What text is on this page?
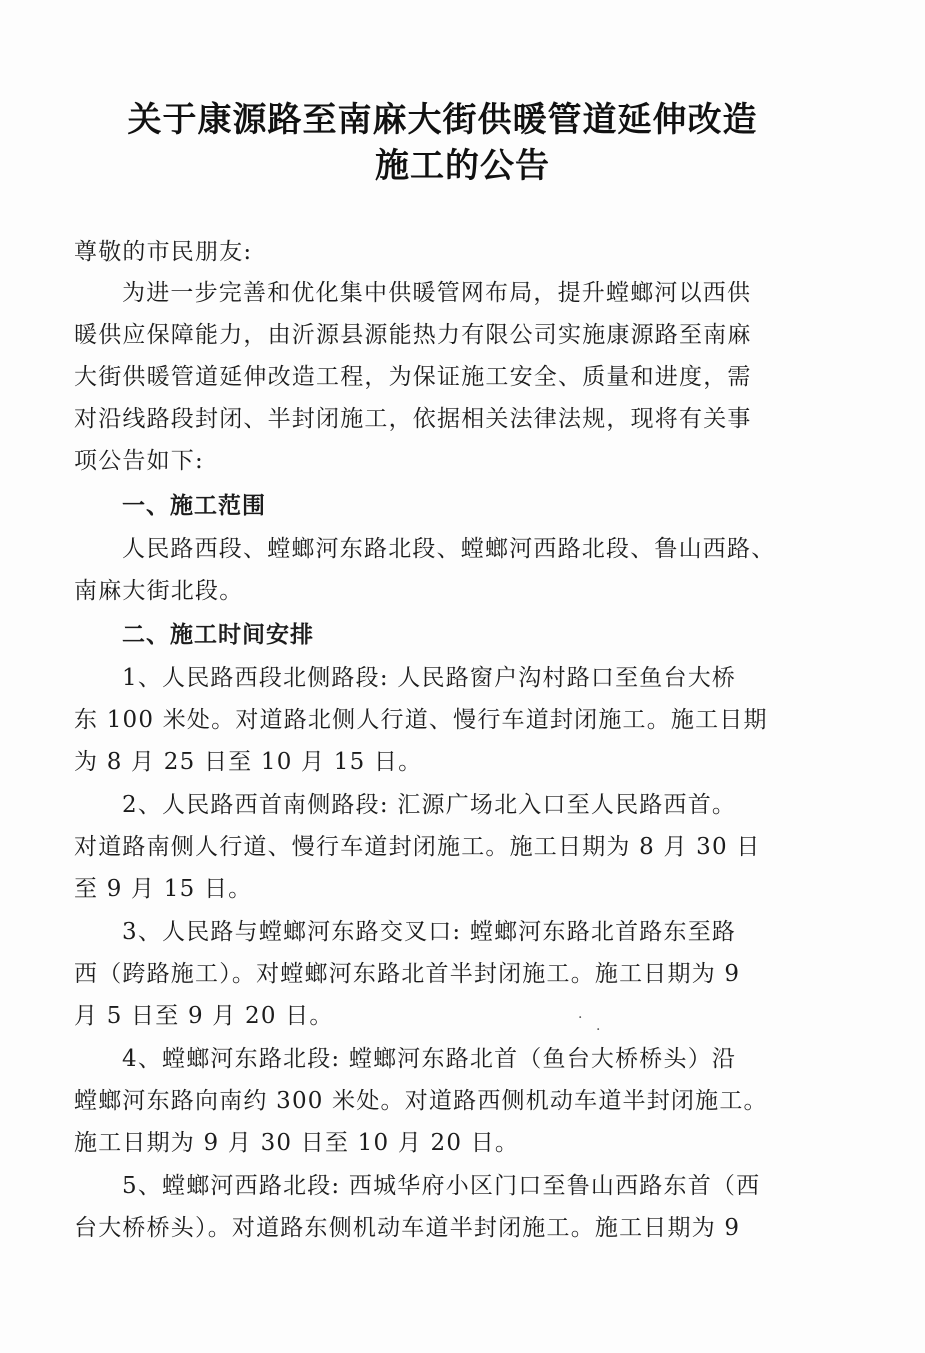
关于康源路至南麻大街供暖管道延伸改造
施工的公告
尊敬的市民朋友:
为进一步完善和优化集中供暖管网布局，提升螳螂河以西供
暖供应保障能力，由沂源县源能热力有限公司实施康源路至南麻
大街供暖管道延伸改造工程，为保证施工安全、质量和进度，需
对沿线路段封闭、半封闭施工，依据相关法律法规，现将有关事
项公告如下:
一、施工范围
人民路西段、螳螂河东路北段、螳螂河西路北段、鲁山西路、
南麻大街北段。
二、施工时间安排
1、人民路西段北侧路段: 人民路窗户沟村路口至鱼台大桥
东 100 米处。对道路北侧人行道、慢行车道封闭施工。施工日期
为 8 月 25 日至 10 月 15 日。
2、人民路西首南侧路段: 汇源广场北入口至人民路西首。
对道路南侧人行道、慢行车道封闭施工。施工日期为 8 月 30 日
至 9 月 15 日。
3、人民路与螳螂河东路交叉口: 螳螂河东路北首路东至路
西（跨路施工）。对螳螂河东路北首半封闭施工。施工日期为 9
月 5 日至 9 月 20 日。	·
·
4、螳螂河东路北段: 螳螂河东路北首（鱼台大桥桥头）沿
螳螂河东路向南约 300 米处。对道路西侧机动车道半封闭施工。
施工日期为 9 月 30 日至 10 月 20 日。
5、螳螂河西路北段: 西城华府小区门口至鲁山西路东首（西
台大桥桥头）。对道路东侧机动车道半封闭施工。施工日期为 9
